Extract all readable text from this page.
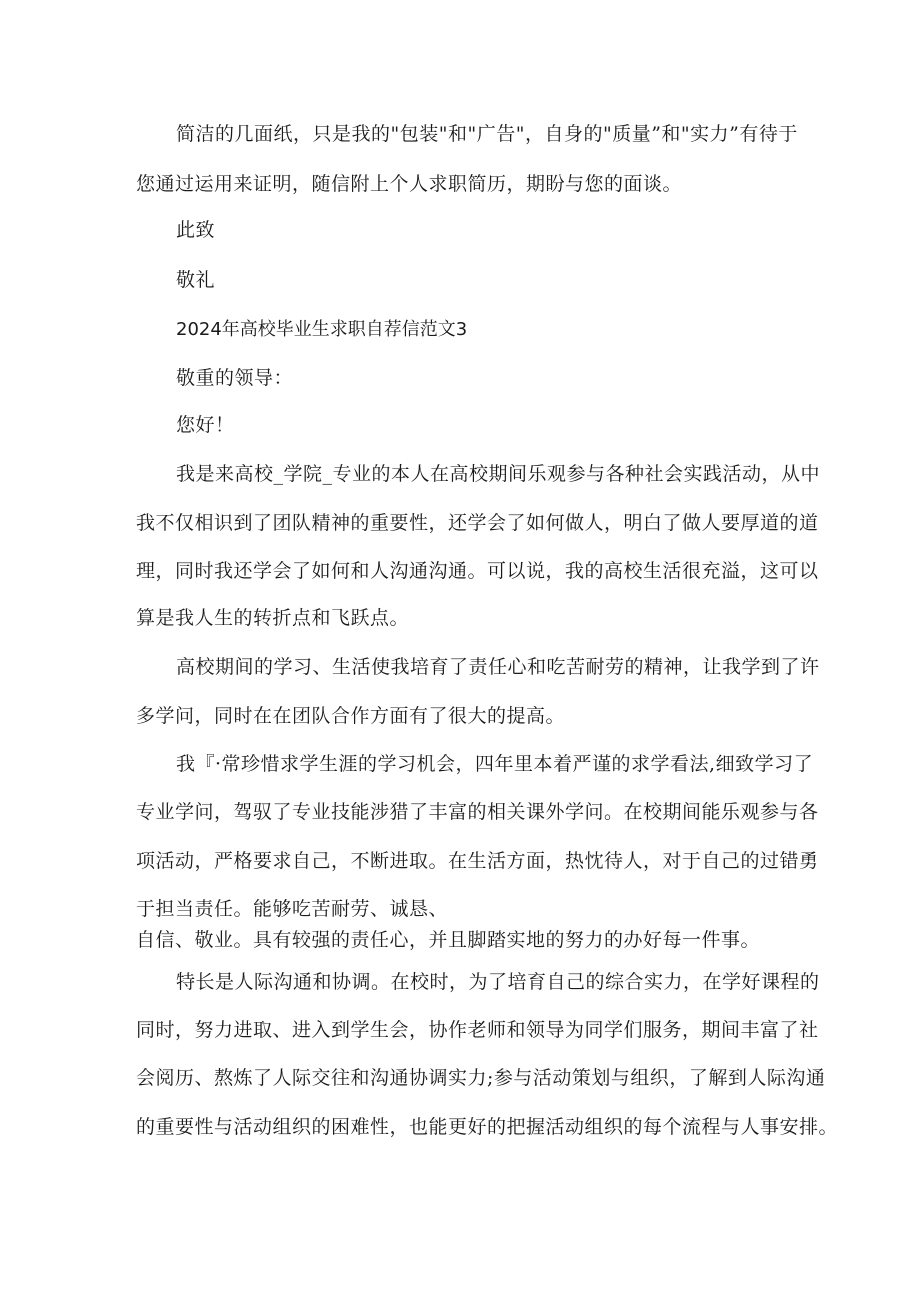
简洁的几面纸，只是我的"包装"和"广告"，自身的"质量”和"实力”有待于
您通过运用来证明，随信附上个人求职简历，期盼与您的面谈。
此致
敬礼
2024年高校毕业生求职自荐信范文3
敬重的领导：
您好！
我是来高校_学院_专业的本人在高校期间乐观参与各种社会实践活动，从中
我不仅相识到了团队精神的重要性，还学会了如何做人，明白了做人要厚道的道
理，同时我还学会了如何和人沟通沟通。可以说，我的高校生活很充溢，这可以
算是我人生的转折点和飞跃点。
高校期间的学习、生活使我培育了责任心和吃苦耐劳的精神，让我学到了许
多学问，同时在在团队合作方面有了很大的提高。
我『·常珍惜求学生涯的学习机会，四年里本着严谨的求学看法,细致学习了
专业学问，驾驭了专业技能涉猎了丰富的相关课外学问。在校期间能乐观参与各
项活动，严格要求自己，不断进取。在生活方面，热忱待人，对于自己的过错勇
于担当责任。能够吃苦耐劳、诚恳、
自信、敬业。具有较强的责任心，并且脚踏实地的努力的办好每一件事。
特长是人际沟通和协调。在校时，为了培育自己的综合实力，在学好课程的
同时，努力进取、进入到学生会，协作老师和领导为同学们服务，期间丰富了社
会阅历、熬炼了人际交往和沟通协调实力;参与活动策划与组织，了解到人际沟通
的重要性与活动组织的困难性，也能更好的把握活动组织的每个流程与人事安排。
